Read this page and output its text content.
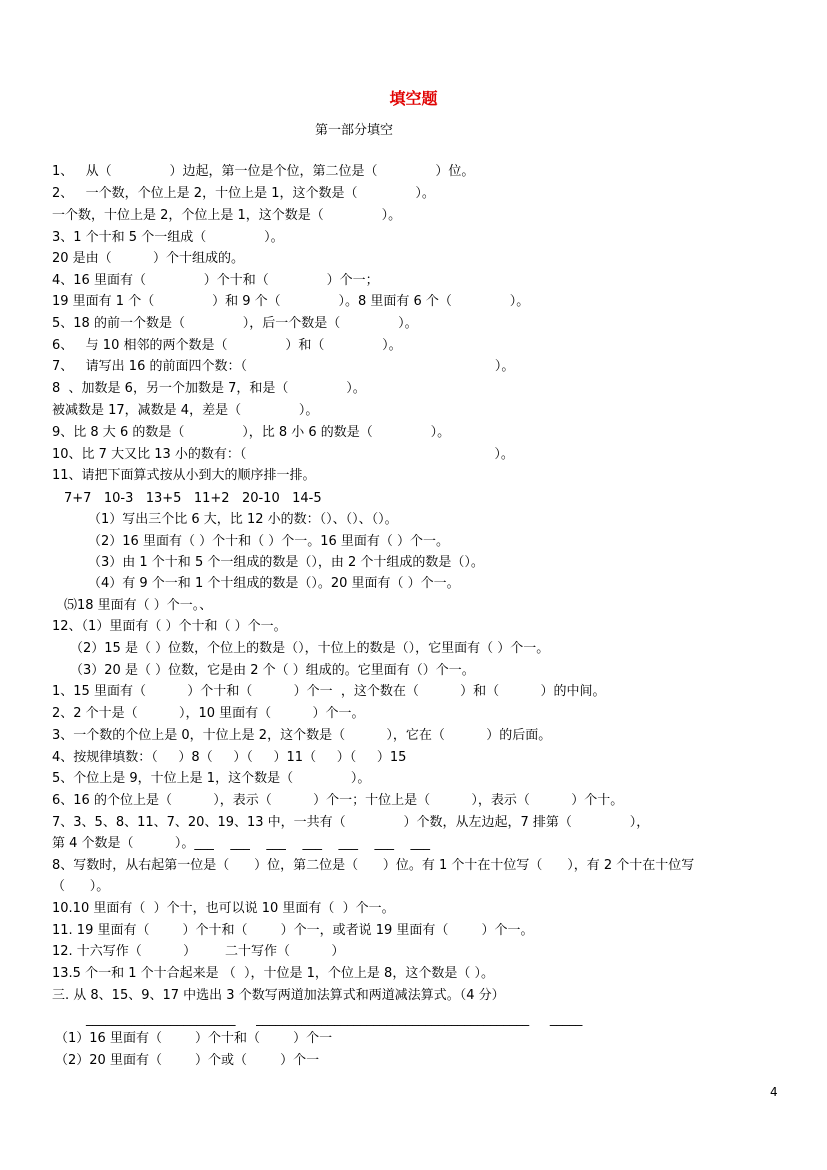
填空题
第一部分填空
1、   从（              ）边起，第一位是个位，第二位是（              ）位。
2、   一个数，个位上是 2，十位上是 1，这个数是（              ）。
一个数，十位上是 2，个位上是 1，这个数是（              ）。
3、1 个十和 5 个一组成（              ）。
20 是由（          ）个十组成的。
4、16 里面有（              ）个十和（              ）个一；
19 里面有 1 个（              ）和 9 个（              ）。8 里面有 6 个（              ）。
5、18 的前一个数是（              ），后一个数是（              ）。
6、   与 10 相邻的两个数是（              ）和（              ）。
7、   请写出 16 的前面四个数：（                                                            ）。
8  、加数是 6，另一个加数是 7，和是（              ）。
被减数是 17，减数是 4，差是（              ）。
9、比 8 大 6 的数是（              ），比 8 小 6 的数是（              ）。
10、比 7 大又比 13 小的数有：（                                                            ）。
11、请把下面算式按从小到大的顺序排一排。
7+7   10-3   13+5   11+2   20-10   14-5
（1）写出三个比 6 大，比 12 小的数：（）、（）、（）。
（2）16 里面有（ ）个十和（ ）个一。16 里面有（ ）个一。
（3）由 1 个十和 5 个一组成的数是（），由 2 个十组成的数是（）。
（4）有 9 个一和 1 个十组成的数是（）。20 里面有（ ）个一。
⑸18 里面有（ ）个一。、
12、（1）里面有（ ）个十和（ ）个一。
（2）15 是（ ）位数，个位上的数是（），十位上的数是（），它里面有（ ）个一。
（3）20 是（ ）位数，它是由 2 个（ ）组成的。它里面有（）个一。
1、15 里面有（          ）个十和（          ）个一  ，这个数在（          ）和（          ）的中间。
2、2 个十是（          ），10 里面有（          ）个一。
3、一个数的个位上是 0，十位上是 2，这个数是（          ），它在（          ）的后面。
4、按规律填数：（     ）8（     ）（     ）11（     ）（     ）15
5、个位上是 9，十位上是 1，这个数是（              ）。
6、16 的个位上是（          ），表示（          ）个一；十位上是（          ），表示（          ）个十。
7、3、5、8、11、7、20、19、13 中，一共有（              ）个数，从左边起，7 排第（              ），
第 4 个数是（          ）。___    ___    ___    ___    ___    ___    ___
8、写数时，从右起第一位是（      ）位，第二位是（      ）位。有 1 个十在十位写（      ），有 2 个十在十位写
（      ）。
10.10 里面有（  ）个十，也可以说 10 里面有（  ）个一。
11. 19 里面有（        ）个十和（        ）个一，或者说 19 里面有（        ）个一。
12. 十六写作（          ）       二十写作（          ）
13.5 个一和 1 个十合起来是 （  ），十位是 1，个位上是 8，这个数是（ ）。
三. 从 8、15、9、17 中选出 3 个数写两道加法算式和两道减法算式。（4 分）
_______________________     __________________________________________     _____
（1）16 里面有（        ）个十和（        ）个一
（2）20 里面有（        ）个或（        ）个一
4
